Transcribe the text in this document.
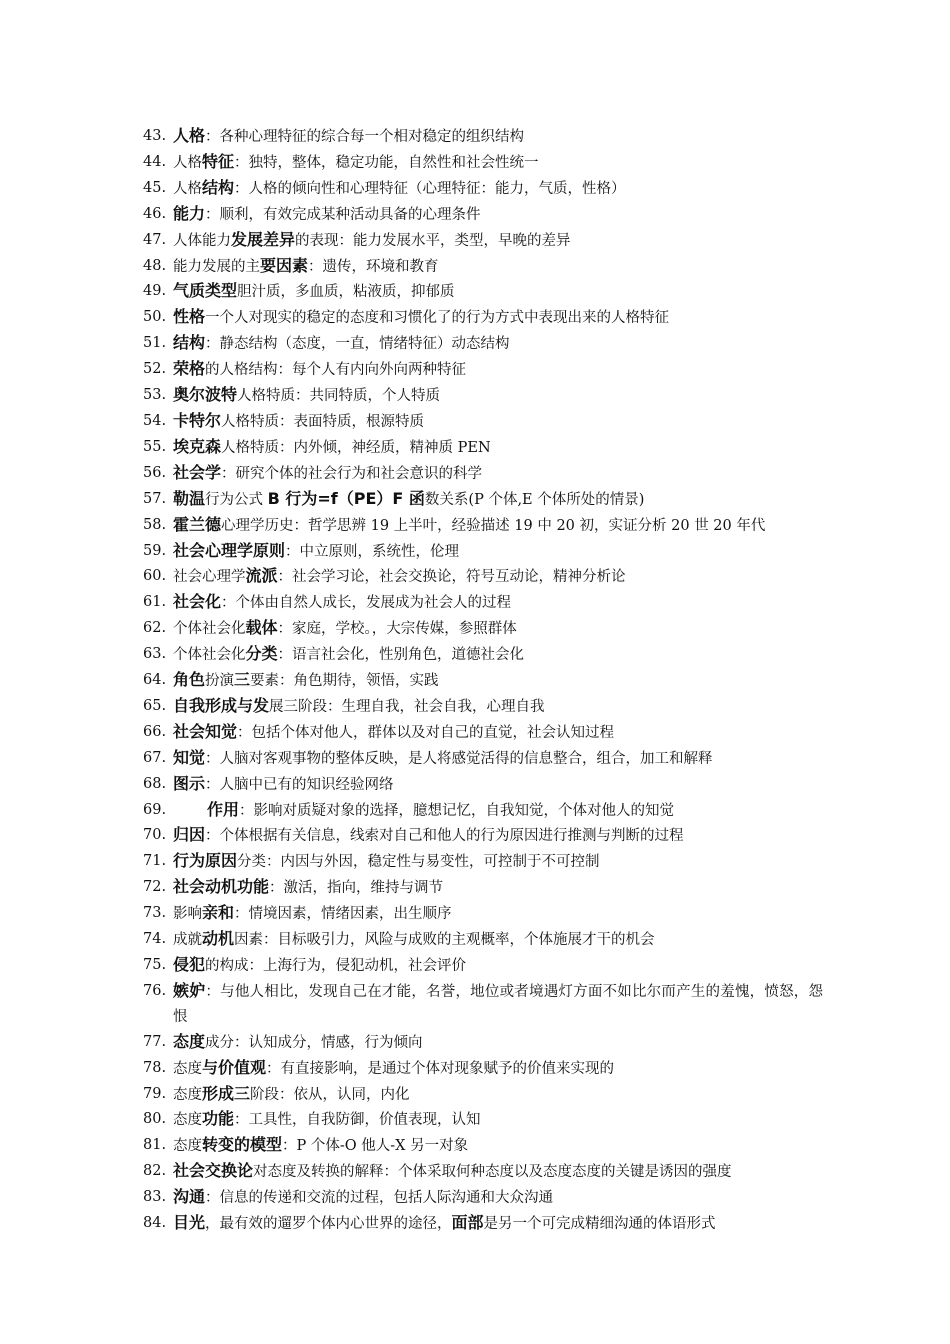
43. 人格：各种心理特征的综合每一个相对稳定的组织结构
44. 人格特征：独特，整体，稳定功能，自然性和社会性统一
45. 人格结构：人格的倾向性和心理特征（心理特征：能力，气质，性格）
46. 能力：顺利，有效完成某种活动具备的心理条件
47. 人体能力发展差异的表现：能力发展水平，类型，早晚的差异
48. 能力发展的主要因素：遗传，环境和教育
49. 气质类型胆汁质，多血质，粘液质，抑郁质
50. 性格一个人对现实的稳定的态度和习惯化了的行为方式中表现出来的人格特征
51. 结构：静态结构（态度，一直，情绪特征）动态结构
52. 荣格的人格结构：每个人有内向外向两种特征
53. 奥尔波特人格特质：共同特质，个人特质
54. 卡特尔人格特质：表面特质，根源特质
55. 埃克森人格特质：内外倾，神经质，精神质 PEN
56. 社会学：研究个体的社会行为和社会意识的科学
57. 勒温行为公式 B 行为=f（PE）F 函数关系(P 个体,E 个体所处的情景)
58. 霍兰德心理学历史：哲学思辨 19 上半叶，经验描述 19 中 20 初，实证分析 20 世 20 年代
59. 社会心理学原则：中立原则，系统性，伦理
60. 社会心理学流派：社会学习论，社会交换论，符号互动论，精神分析论
61. 社会化：个体由自然人成长，发展成为社会人的过程
62. 个体社会化载体：家庭，学校。，大宗传媒，参照群体
63. 个体社会化分类：语言社会化，性别角色，道德社会化
64. 角色扮演三要素：角色期待，领悟，实践
65. 自我形成与发展三阶段：生理自我，社会自我，心理自我
66. 社会知觉：包括个体对他人，群体以及对自己的直觉，社会认知过程
67. 知觉：人脑对客观事物的整体反映，是人将感觉活得的信息整合，组合，加工和解释
68. 图示：人脑中已有的知识经验网络
69.	作用：影响对质疑对象的选择，臆想记忆，自我知觉，个体对他人的知觉
70. 归因：个体根据有关信息，线索对自己和他人的行为原因进行推测与判断的过程
71. 行为原因分类：内因与外因，稳定性与易变性，可控制于不可控制
72. 社会动机功能：激活，指向，维持与调节
73. 影响亲和：情境因素，情绪因素，出生顺序
74. 成就动机因素：目标吸引力，风险与成败的主观概率，个体施展才干的机会
75. 侵犯的构成：上海行为，侵犯动机，社会评价
76. 嫉妒：与他人相比，发现自己在才能，名誉，地位或者境遇灯方面不如比尔而产生的羞愧，愤怒，怨恨
77. 态度成分：认知成分，情感，行为倾向
78. 态度与价值观：有直接影响，是通过个体对现象赋予的价值来实现的
79. 态度形成三阶段：依从，认同，内化
80. 态度功能：工具性，自我防御，价值表现，认知
81. 态度转变的模型：P 个体-O 他人-X 另一对象
82. 社会交换论对态度及转换的解释：个体采取何种态度以及态度态度的关键是诱因的强度
83. 沟通：信息的传递和交流的过程，包括人际沟通和大众沟通
84. 目光，最有效的遛罗个体内心世界的途径，面部是另一个可完成精细沟通的体语形式
